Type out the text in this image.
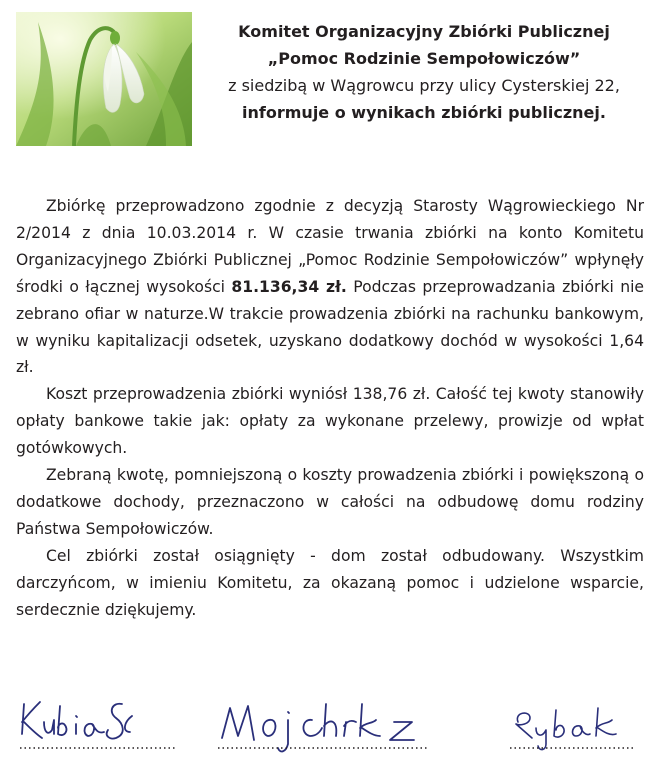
Komitet Organizacyjny Zbiórki Publicznej
„Pomoc Rodzinie Sempołowiczów”
z siedzibą w Wągrowcu przy ulicy Cysterskiej 22,
informuje o wynikach zbiórki publicznej.

Zbiórkę przeprowadzono zgodnie z decyzją Starosty Wągrowieckiego Nr 2/2014 z dnia 10.03.2014 r. W czasie trwania zbiórki na konto Komitetu Organizacyjnego Zbiórki Publicznej „Pomoc Rodzinie Sempołowiczów” wpłynęły środki o łącznej wysokości 81.136,34 zł. Podczas przeprowadzania zbiórki nie zebrano ofiar w naturze.W trakcie prowadzenia zbiórki na rachunku bankowym, w wyniku kapitalizacji odsetek, uzyskano dodatkowy dochód w wysokości 1,64 zł.

Koszt przeprowadzenia zbiórki wyniósł 138,76 zł. Całość tej kwoty stanowiły opłaty bankowe takie jak: opłaty za wykonane przelewy, prowizje od wpłat gotówkowych.

Zebraną kwotę, pomniejszoną o koszty prowadzenia zbiórki i powiększoną o dodatkowe dochody, przeznaczono w całości na odbudowę domu rodziny Państwa Sempołowiczów.

Cel zbiórki został osiągnięty - dom został odbudowany. Wszystkim darczyńcom, w imieniu Komitetu, za okazaną pomoc i udzielone wsparcie, serdecznie dziękujemy.
